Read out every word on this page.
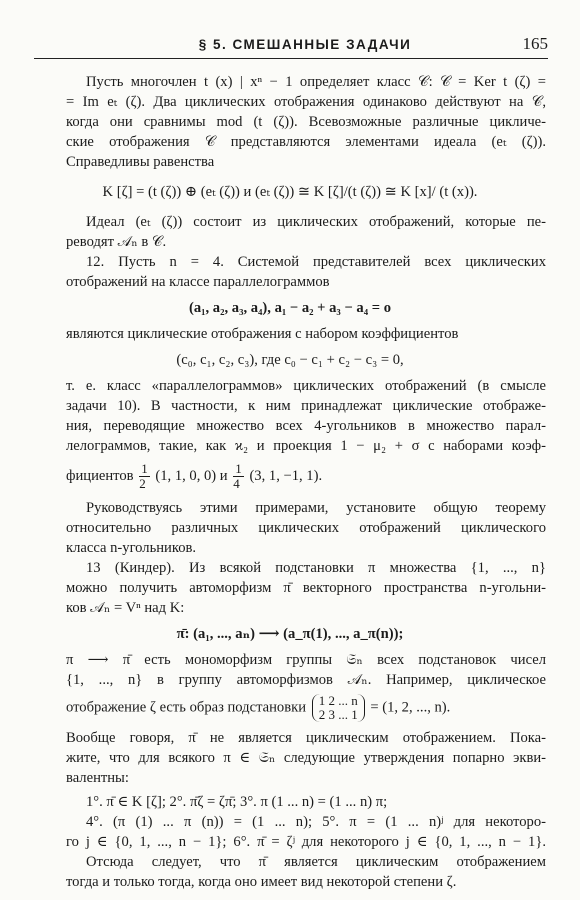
§ 5. СМЕШАННЫЕ ЗАДАЧИ	165
Пусть многочлен t (x) | xⁿ − 1 определяет класс 𝒞: 𝒞 = Ker t (ζ) =
= Im eₜ (ζ). Два циклических отображения одинаково действуют на 𝒞,
когда они сравнимы mod (t (ζ)). Всевозможные различные цикличе-
ские отображения 𝒞 представляются элементами идеала (eₜ (ζ)).
Справедливы равенства
K [ζ] = (t (ζ)) ⊕ (eₜ (ζ)) и (eₜ (ζ)) ≅ K [ζ]/(t (ζ)) ≅ K [x]/ (t (x)).
Идеал (eₜ (ζ)) состоит из циклических отображений, которые пе-
реводят 𝒜ₙ в 𝒞.
12. Пусть n = 4. Системой представителей всех циклических
отображений на классе параллелограммов
(a₁, a₂, a₃, a₄), a₁ − a₂ + a₃ − a₄ = o
являются циклические отображения с набором коэффициентов
(c₀, c₁, c₂, c₃), где c₀ − c₁ + c₂ − c₃ = 0,
т. е. класс «параллелограммов» циклических отображений (в смысле
задачи 10). В частности, к ним принадлежат циклические отображе-
ния, переводящие множество всех 4-угольников в множество парал-
лелограммов, такие, как ϰ₂ и проекция 1 − μ₂ + σ с наборами коэф-
фициентов $\frac{1}{2} (1$, 1, 0, 0) и $\frac{1}{4} (3$, 1, −1, 1).
Руководствуясь этими примерами, установите общую теорему
относительно различных циклических отображений циклического
класса n-угольников.
13 (Киндер). Из всякой подстановки π множества {1, ..., n}
можно получить автоморфизм π̄ векторного пространства n-угольни-
ков 𝒜ₙ = Vⁿ над K:
π̄: (a₁, ..., aₙ) ⟶ (a_π(1), ..., a_π(n));
π ⟶ π̄ есть мономорфизм группы 𝔖ₙ всех подстановок чисел
{1, ..., n} в группу автоморфизмов 𝒜ₙ. Например, циклическое
отображение ζ есть образ подстановки 1 2 ... n
2 3 ... 1 = (1, 2, ..., n).
Вообще говоря, π̄ не является циклическим отображением. Пока-
жите, что для всякого π ∈ 𝔖ₙ следующие утверждения попарно экви-
валентны:
1°. π̄ ∈ K [ζ]; 2°. π̄ζ = ζπ̄; 3°. π (1 ... n) = (1 ... n) π;
4°. (π (1) ... π (n)) = (1 ... n); 5°. π = (1 ... n)ʲ для некоторо-
го j ∈ {0, 1, ..., n − 1}; 6°. π̄ = ζʲ для некоторого j ∈ {0, 1, ..., n − 1}.
Отсюда следует, что π̄ является циклическим отображением
тогда и только тогда, когда оно имеет вид некоторой степени ζ.
